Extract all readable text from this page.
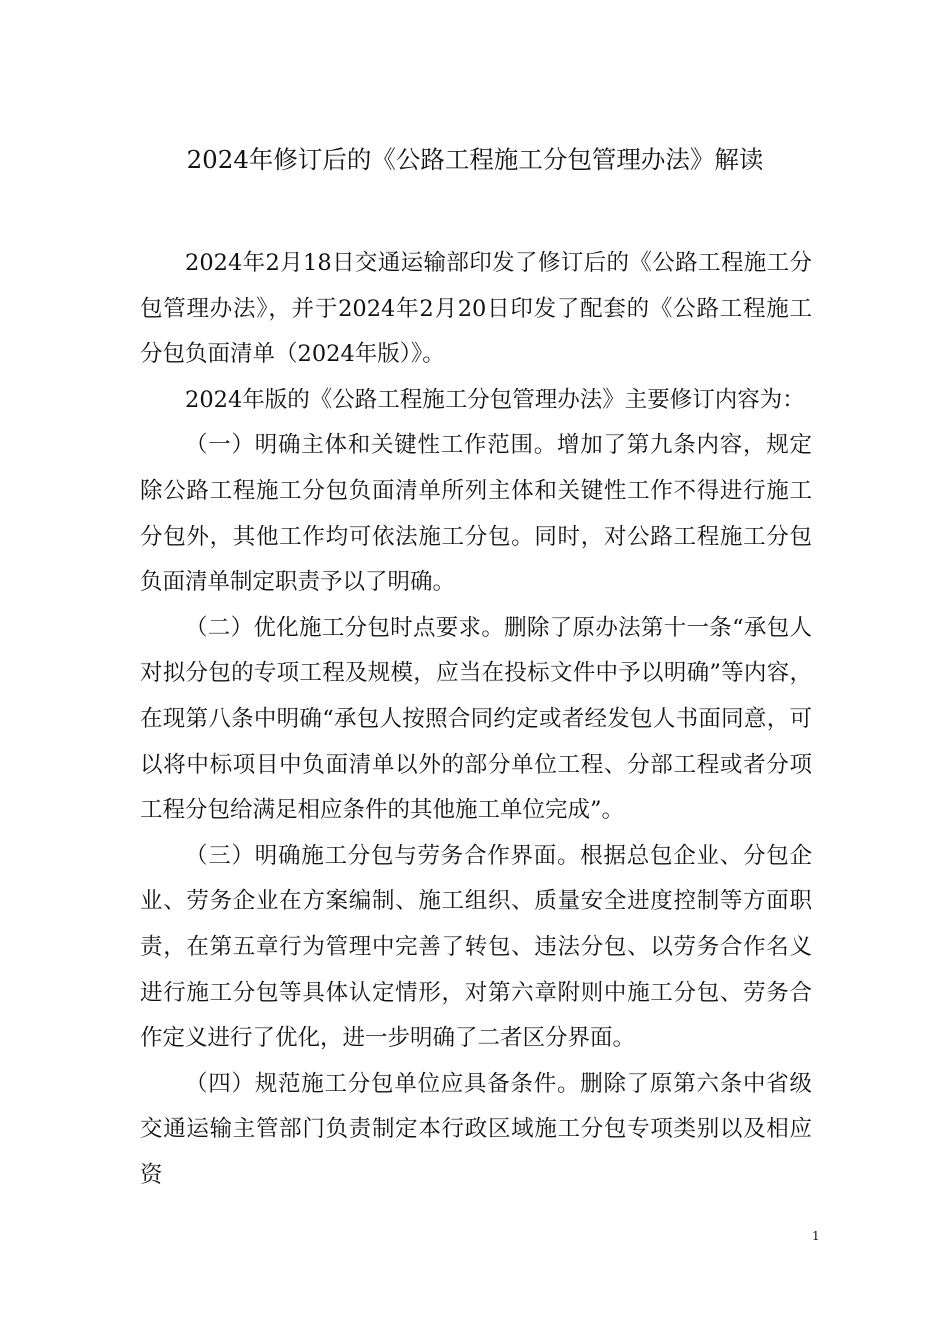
2024年修订后的《公路工程施工分包管理办法》解读

2024年2月18日交通运输部印发了修订后的《公路工程施工分包管理办法》，并于2024年2月20日印发了配套的《公路工程施工分包负面清单（2024年版）》。

2024年版的《公路工程施工分包管理办法》主要修订内容为：

（一）明确主体和关键性工作范围。增加了第九条内容，规定除公路工程施工分包负面清单所列主体和关键性工作不得进行施工分包外，其他工作均可依法施工分包。同时，对公路工程施工分包负面清单制定职责予以了明确。

（二）优化施工分包时点要求。删除了原办法第十一条“承包人对拟分包的专项工程及规模，应当在投标文件中予以明确”等内容，在现第八条中明确“承包人按照合同约定或者经发包人书面同意，可以将中标项目中负面清单以外的部分单位工程、分部工程或者分项工程分包给满足相应条件的其他施工单位完成”。

（三）明确施工分包与劳务合作界面。根据总包企业、分包企业、劳务企业在方案编制、施工组织、质量安全进度控制等方面职责，在第五章行为管理中完善了转包、违法分包、以劳务合作名义进行施工分包等具体认定情形，对第六章附则中施工分包、劳务合作定义进行了优化，进一步明确了二者区分界面。

（四）规范施工分包单位应具备条件。删除了原第六条中省级交通运输主管部门负责制定本行政区域施工分包专项类别以及相应资

1
